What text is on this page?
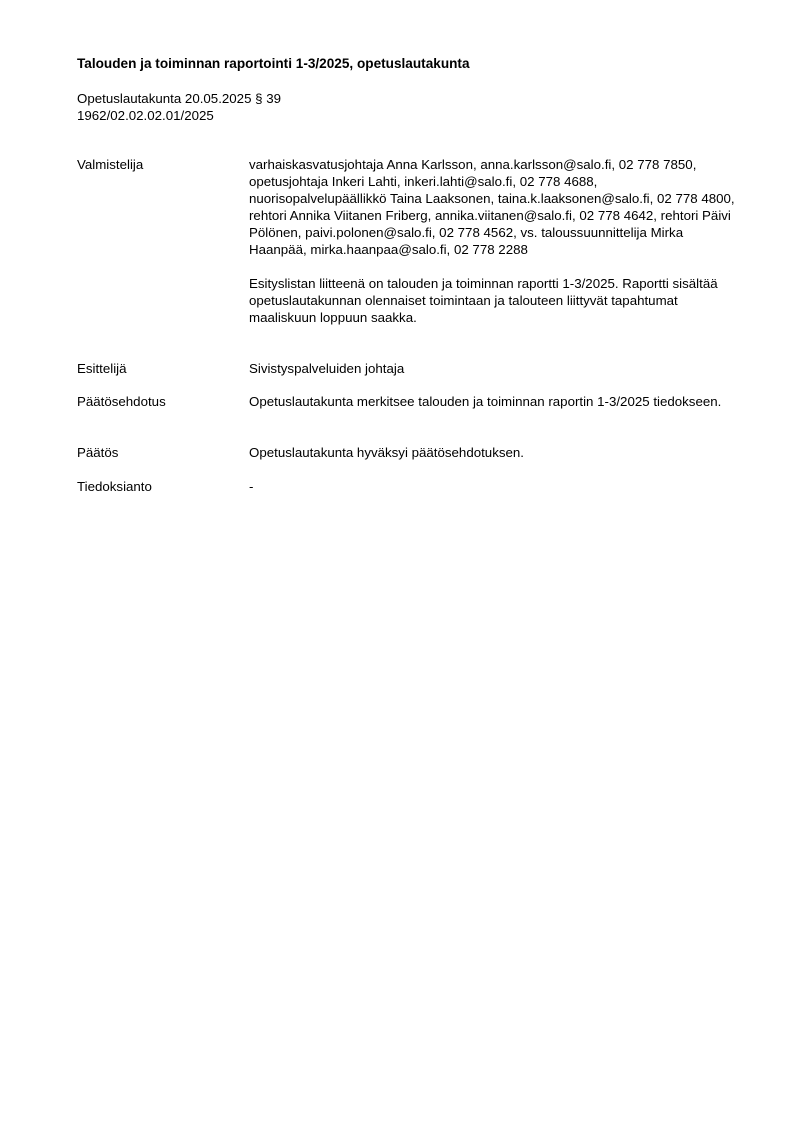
Talouden ja toiminnan raportointi 1-3/2025, opetuslautakunta
Opetuslautakunta 20.05.2025 § 39
1962/02.02.02.01/2025
Valmistelija	varhaiskasvatusjohtaja Anna Karlsson, anna.karlsson@salo.fi, 02 778 7850, opetusjohtaja Inkeri Lahti, inkeri.lahti@salo.fi, 02 778 4688, nuorisopalvelupäällikkö Taina Laaksonen, taina.k.laaksonen@salo.fi, 02 778 4800, rehtori Annika Viitanen Friberg, annika.viitanen@salo.fi, 02 778 4642, rehtori Päivi Pölönen, paivi.polonen@salo.fi, 02 778 4562, vs. taloussuunnittelija Mirka Haanpää, mirka.haanpaa@salo.fi, 02 778 2288

Esityslistan liitteenä on talouden ja toiminnan raportti 1-3/2025. Raportti sisältää opetuslautakunnan olennaiset toimintaan ja talouteen liittyvät tapahtumat maaliskuun loppuun saakka.

Esittelijä	Sivistyspalveluiden johtaja
Päätösehdotus	Opetuslautakunta merkitsee talouden ja toiminnan raportin 1-3/2025 tiedokseen.
Päätös	Opetuslautakunta hyväksyi päätösehdotuksen.
Tiedoksianto	-
